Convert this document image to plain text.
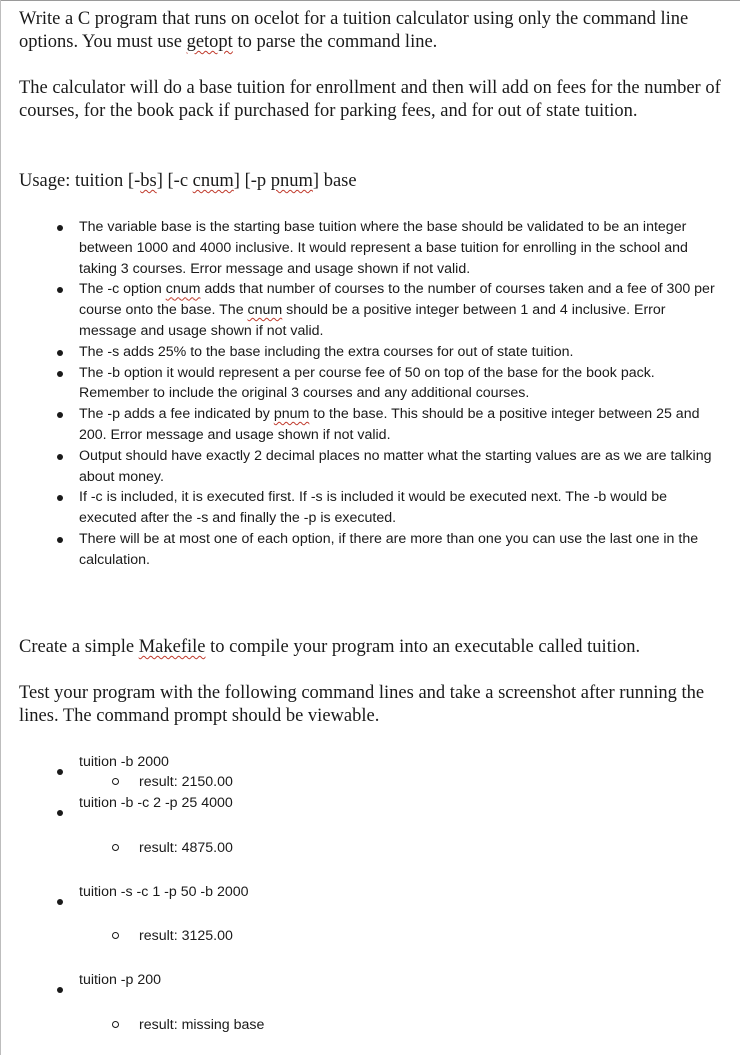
Write a C program that runs on ocelot for a tuition calculator using only the command line options. You must use getopt to parse the command line.

The calculator will do a base tuition for enrollment and then will add on fees for the number of courses, for the book pack if purchased for parking fees, and for out of state tuition.

Usage: tuition [-bs] [-c cnum] [-p pnum] base

The variable base is the starting base tuition where the base should be validated to be an integer between 1000 and 4000 inclusive. It would represent a base tuition for enrolling in the school and taking 3 courses. Error message and usage shown if not valid.
The -c option cnum adds that number of courses to the number of courses taken and a fee of 300 per course onto the base. The cnum should be a positive integer between 1 and 4 inclusive. Error message and usage shown if not valid.
The -s adds 25% to the base including the extra courses for out of state tuition.
The -b option it would represent a per course fee of 50 on top of the base for the book pack. Remember to include the original 3 courses and any additional courses.
The -p adds a fee indicated by pnum to the base. This should be a positive integer between 25 and 200. Error message and usage shown if not valid.
Output should have exactly 2 decimal places no matter what the starting values are as we are talking about money.
If -c is included, it is executed first. If -s is included it would be executed next. The -b would be executed after the -s and finally the -p is executed.
There will be at most one of each option, if there are more than one you can use the last one in the calculation.

Create a simple Makefile to compile your program into an executable called tuition.

Test your program with the following command lines and take a screenshot after running the lines. The command prompt should be viewable.

tuition -b 2000
result: 2150.00
tuition -b -c 2 -p 25 4000
result: 4875.00
tuition -s -c 1 -p 50 -b 2000
result: 3125.00
tuition -p 200
result: missing base
